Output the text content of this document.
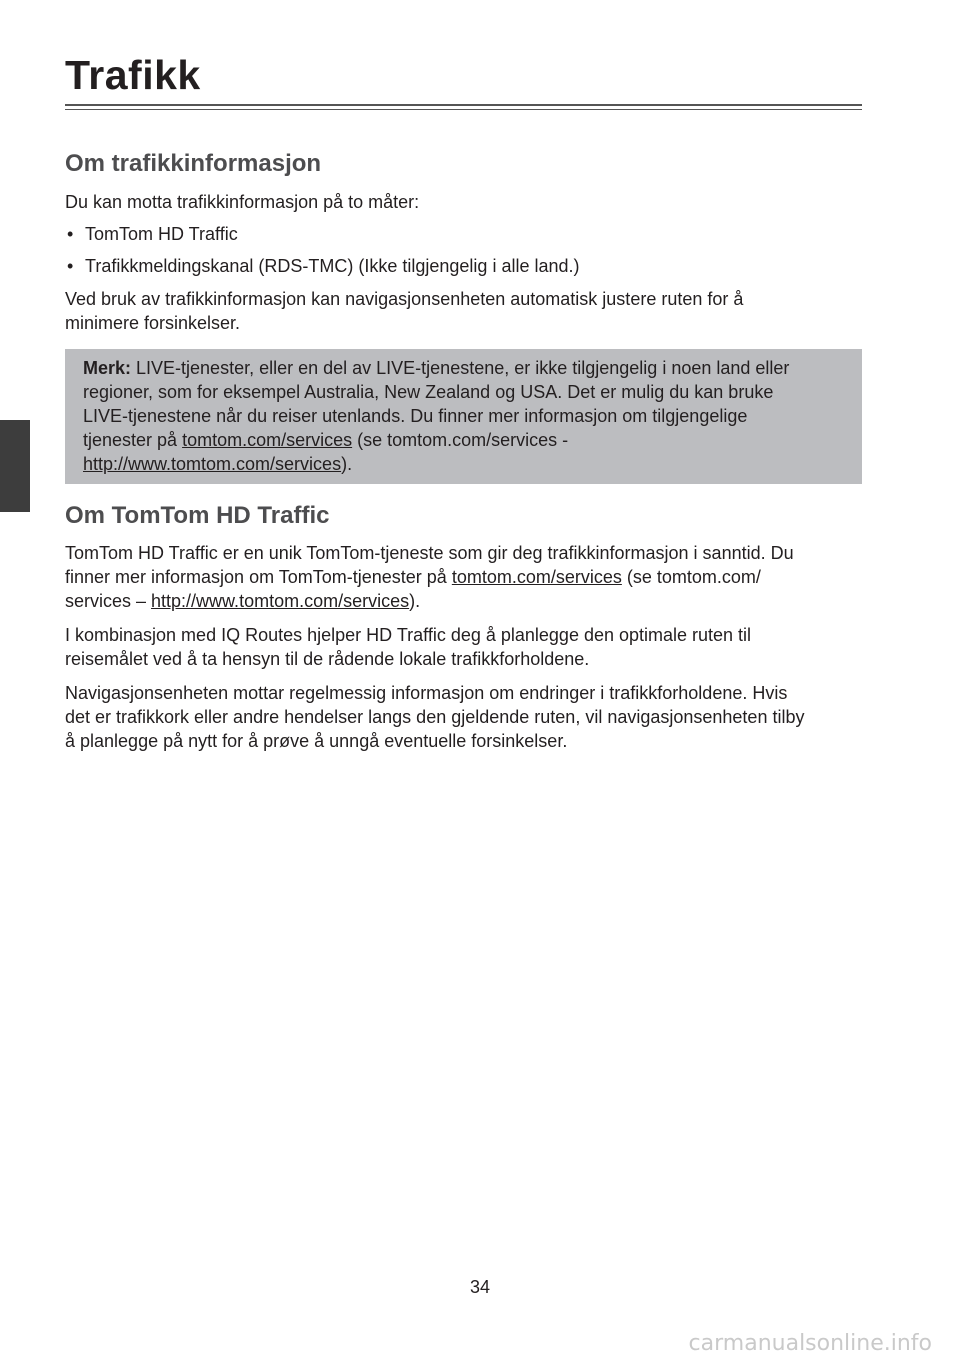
Trafikk
Om trafikkinformasjon

Du kan motta trafikkinformasjon på to måter:

• TomTom HD Traffic
• Trafikkmeldingskanal (RDS-TMC) (Ikke tilgjengelig i alle land.)

Ved bruk av trafikkinformasjon kan navigasjonsenheten automatisk justere ruten for å
minimere forsinkelser.

Merk: LIVE-tjenester, eller en del av LIVE-tjenestene, er ikke tilgjengelig i noen land eller
regioner, som for eksempel Australia, New Zealand og USA. Det er mulig du kan bruke
LIVE-tjenestene når du reiser utenlands. Du finner mer informasjon om tilgjengelige
tjenester på tomtom.com/services (se tomtom.com/services -
http://www.tomtom.com/services).

Om TomTom HD Traffic

TomTom HD Traffic er en unik TomTom-tjeneste som gir deg trafikkinformasjon i sanntid. Du
finner mer informasjon om TomTom-tjenester på tomtom.com/services (se tomtom.com/
services – http://www.tomtom.com/services).

I kombinasjon med IQ Routes hjelper HD Traffic deg å planlegge den optimale ruten til
reisemålet ved å ta hensyn til de rådende lokale trafikkforholdene.

Navigasjonsenheten mottar regelmessig informasjon om endringer i trafikkforholdene. Hvis
det er trafikkork eller andre hendelser langs den gjeldende ruten, vil navigasjonsenheten tilby
å planlegge på nytt for å prøve å unngå eventuelle forsinkelser.

34
carmanualsonline.info
